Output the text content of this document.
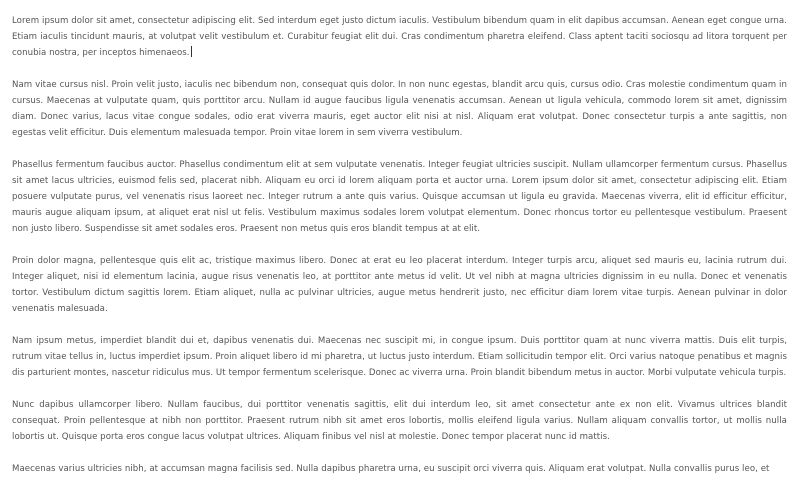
Lorem ipsum dolor sit amet, consectetur adipiscing elit. Sed interdum eget justo dictum iaculis. Vestibulum bibendum quam in elit dapibus accumsan. Aenean eget congue urna. Etiam iaculis tincidunt mauris, at volutpat velit vestibulum et. Curabitur feugiat elit dui. Cras condimentum pharetra eleifend. Class aptent taciti sociosqu ad litora torquent per conubia nostra, per inceptos himenaeos.

Nam vitae cursus nisl. Proin velit justo, iaculis nec bibendum non, consequat quis dolor. In non nunc egestas, blandit arcu quis, cursus odio. Cras molestie condimentum quam in cursus. Maecenas at vulputate quam, quis porttitor arcu. Nullam id augue faucibus ligula venenatis accumsan. Aenean ut ligula vehicula, commodo lorem sit amet, dignissim diam. Donec varius, lacus vitae congue sodales, odio erat viverra mauris, eget auctor elit nisi at nisl. Aliquam erat volutpat. Donec consectetur turpis a ante sagittis, non egestas velit efficitur. Duis elementum malesuada tempor. Proin vitae lorem in sem viverra vestibulum.

Phasellus fermentum faucibus auctor. Phasellus condimentum elit at sem vulputate venenatis. Integer feugiat ultricies suscipit. Nullam ullamcorper fermentum cursus. Phasellus sit amet lacus ultricies, euismod felis sed, placerat nibh. Aliquam eu orci id lorem aliquam porta et auctor urna. Lorem ipsum dolor sit amet, consectetur adipiscing elit. Etiam posuere vulputate purus, vel venenatis risus laoreet nec. Integer rutrum a ante quis varius. Quisque accumsan ut ligula eu gravida. Maecenas viverra, elit id efficitur efficitur, mauris augue aliquam ipsum, at aliquet erat nisl ut felis. Vestibulum maximus sodales lorem volutpat elementum. Donec rhoncus tortor eu pellentesque vestibulum. Praesent non justo libero. Suspendisse sit amet sodales eros. Praesent non metus quis eros blandit tempus at at elit.

Proin dolor magna, pellentesque quis elit ac, tristique maximus libero. Donec at erat eu leo placerat interdum. Integer turpis arcu, aliquet sed mauris eu, lacinia rutrum dui. Integer aliquet, nisi id elementum lacinia, augue risus venenatis leo, at porttitor ante metus id velit. Ut vel nibh at magna ultricies dignissim in eu nulla. Donec et venenatis tortor. Vestibulum dictum sagittis lorem. Etiam aliquet, nulla ac pulvinar ultricies, augue metus hendrerit justo, nec efficitur diam lorem vitae turpis. Aenean pulvinar in dolor venenatis malesuada.

Nam ipsum metus, imperdiet blandit dui et, dapibus venenatis dui. Maecenas nec suscipit mi, in congue ipsum. Duis porttitor quam at nunc viverra mattis. Duis elit turpis, rutrum vitae tellus in, luctus imperdiet ipsum. Proin aliquet libero id mi pharetra, ut luctus justo interdum. Etiam sollicitudin tempor elit. Orci varius natoque penatibus et magnis dis parturient montes, nascetur ridiculus mus. Ut tempor fermentum scelerisque. Donec ac viverra urna. Proin blandit bibendum metus in auctor. Morbi vulputate vehicula turpis.

Nunc dapibus ullamcorper libero. Nullam faucibus, dui porttitor venenatis sagittis, elit dui interdum leo, sit amet consectetur ante ex non elit. Vivamus ultrices blandit consequat. Proin pellentesque at nibh non porttitor. Praesent rutrum nibh sit amet eros lobortis, mollis eleifend ligula varius. Nullam aliquam convallis tortor, ut mollis nulla lobortis ut. Quisque porta eros congue lacus volutpat ultrices. Aliquam finibus vel nisl at molestie. Donec tempor placerat nunc id mattis.

Maecenas varius ultricies nibh, at accumsan magna facilisis sed. Nulla dapibus pharetra urna, eu suscipit orci viverra quis. Aliquam erat volutpat. Nulla convallis purus leo, et
